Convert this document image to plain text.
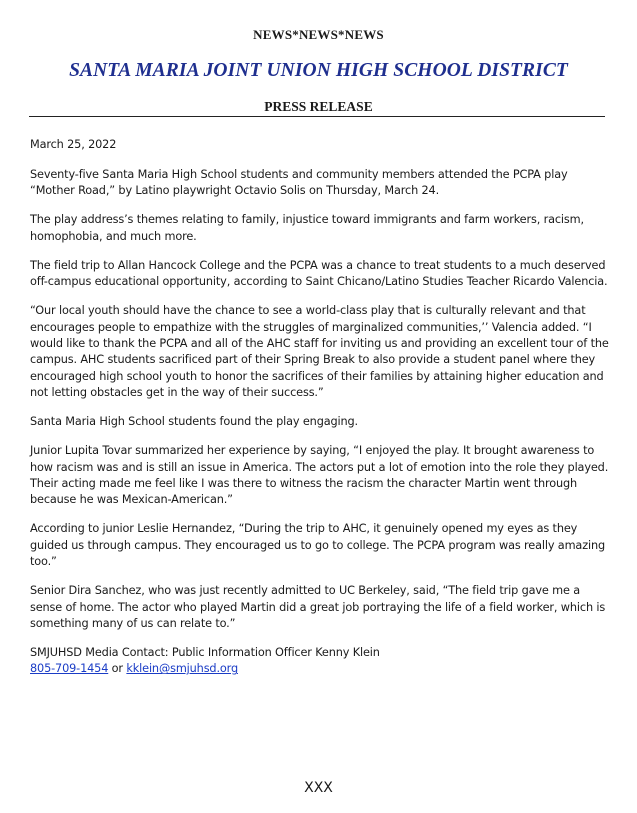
NEWS*NEWS*NEWS
SANTA MARIA JOINT UNION HIGH SCHOOL DISTRICT
PRESS RELEASE

March 25, 2022

Seventy-five Santa Maria High School students and community members attended the PCPA play “Mother Road,” by Latino playwright Octavio Solis on Thursday, March 24.

The play address’s themes relating to family, injustice toward immigrants and farm workers, racism, homophobia, and much more.

The field trip to Allan Hancock College and the PCPA was a chance to treat students to a much deserved off-campus educational opportunity, according to Saint Chicano/Latino Studies Teacher Ricardo Valencia.

“Our local youth should have the chance to see a world-class play that is culturally relevant and that encourages people to empathize with the struggles of marginalized communities,’’ Valencia added. “I would like to thank the PCPA and all of the AHC staff for inviting us and providing an excellent tour of the campus. AHC students sacrificed part of their Spring Break to also provide a student panel where they encouraged high school youth to honor the sacrifices of their families by attaining higher education and not letting obstacles get in the way of their success.”

Santa Maria High School students found the play engaging.

Junior Lupita Tovar summarized her experience by saying, “I enjoyed the play. It brought awareness to how racism was and is still an issue in America. The actors put a lot of emotion into the role they played. Their acting made me feel like I was there to witness the racism the character Martin went through because he was Mexican-American.”

According to junior Leslie Hernandez, “During the trip to AHC, it genuinely opened my eyes as they guided us through campus. They encouraged us to go to college. The PCPA program was really amazing too.”

Senior Dira Sanchez, who was just recently admitted to UC Berkeley, said, “The field trip gave me a sense of home. The actor who played Martin did a great job portraying the life of a field worker, which is something many of us can relate to.”

SMJUHSD Media Contact: Public Information Officer Kenny Klein
805-709-1454 or kklein@smjuhsd.org
XXX
